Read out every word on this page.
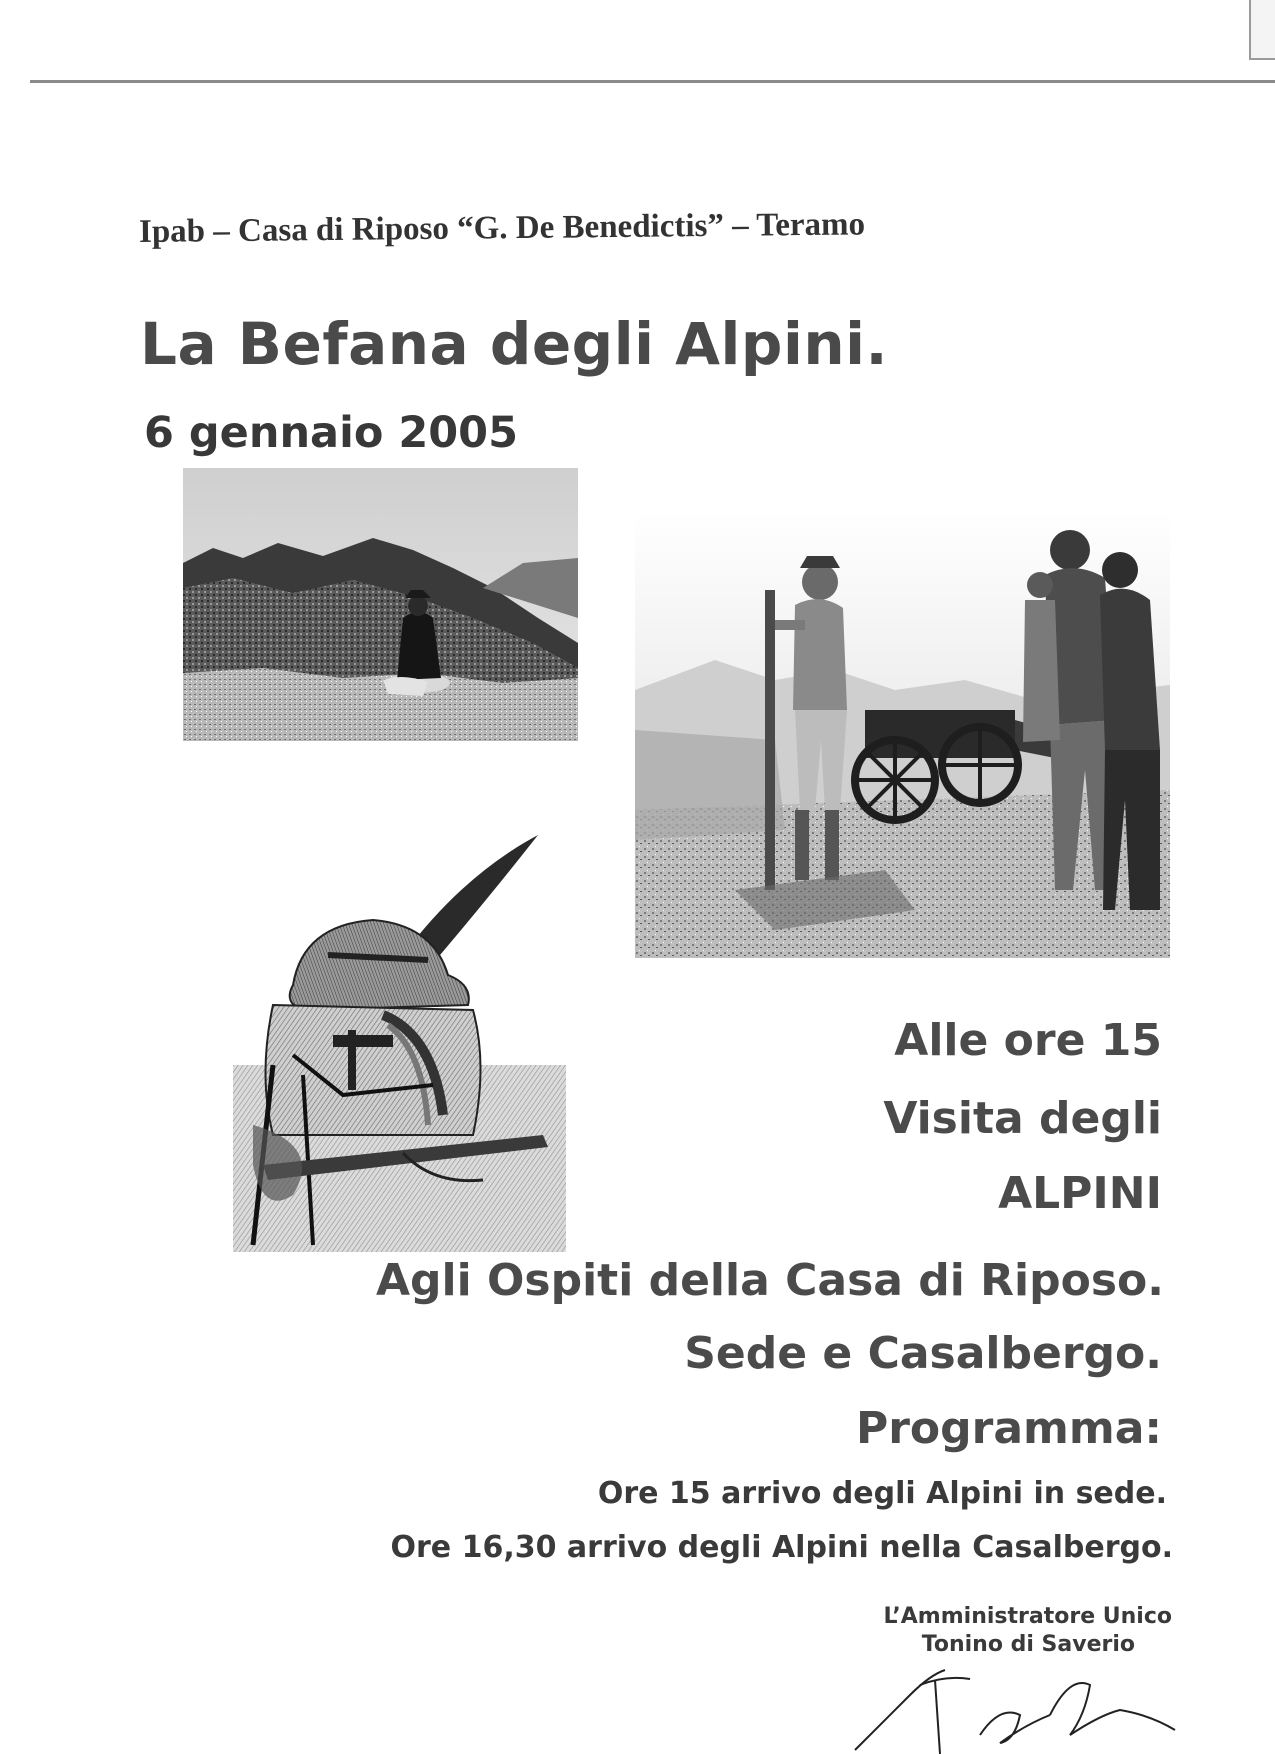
Ipab – Casa di Riposo “G. De Benedictis” – Teramo
La Befana degli Alpini.
6 gennaio 2005
Alle ore 15
Visita degli
ALPINI
Agli Ospiti della Casa di Riposo.
Sede e Casalbergo.
Programma:
Ore 15 arrivo degli Alpini in sede.
Ore 16,30 arrivo degli Alpini nella Casalbergo.
L’Amministratore Unico
Tonino di Saverio
